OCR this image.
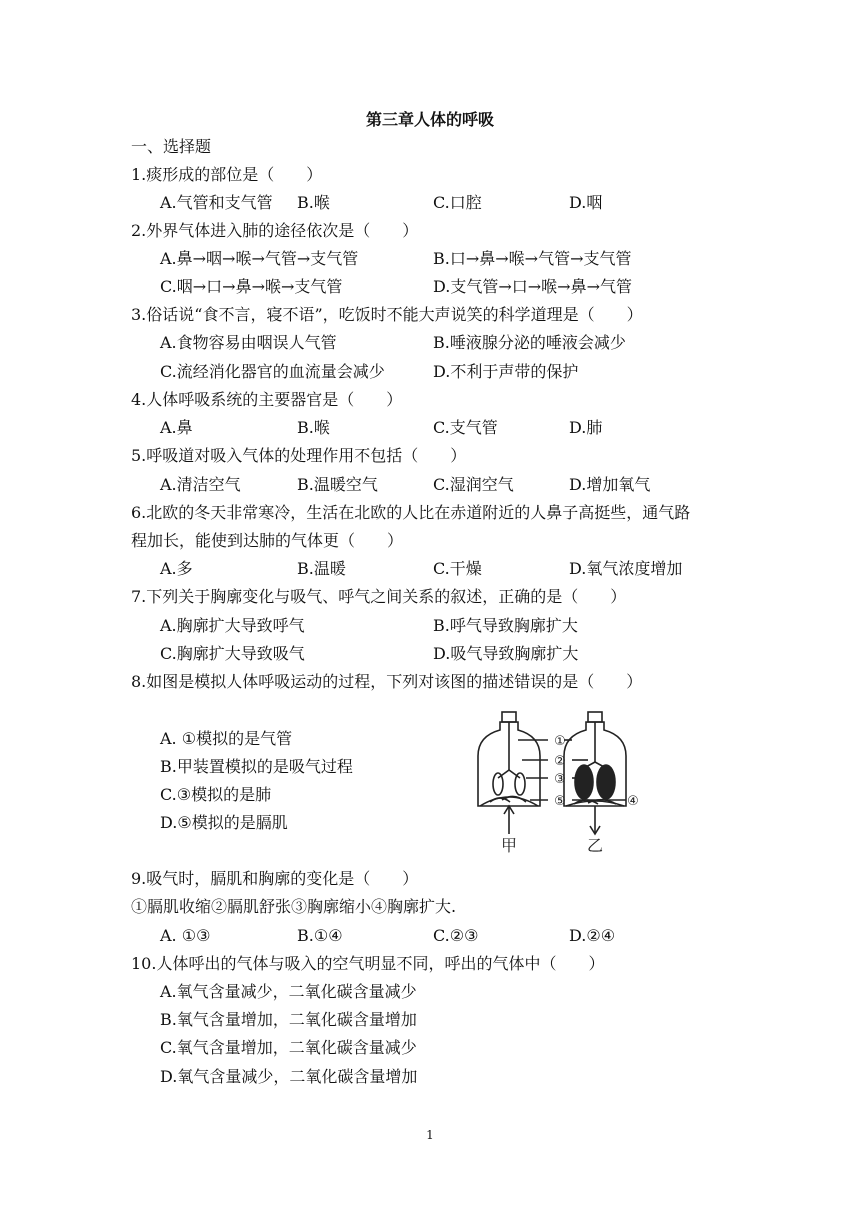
第三章人体的呼吸
一、选择题
1.痰形成的部位是（　　）
A.气管和支气管 B.喉	C.口腔	D.咽
2.外界气体进入肺的途径依次是（　　）
A.鼻→咽→喉→气管→支气管	B.口→鼻→喉→气管→支气管
C.咽→口→鼻→喉→支气管	D.支气管→口→喉→鼻→气管
3.俗话说“食不言，寝不语”，吃饭时不能大声说笑的科学道理是（　　）
A.食物容易由咽误人气管	B.唾液腺分泌的唾液会减少
C.流经消化器官的血流量会减少	D.不利于声带的保护
4.人体呼吸系统的主要器官是（　　）
A.鼻	B.喉	C.支气管	D.肺
5.呼吸道对吸入气体的处理作用不包括（　　）
A.清洁空气	B.温暖空气	C.湿润空气	D.增加氧气
6.北欧的冬天非常寒冷，生活在北欧的人比在赤道附近的人鼻子高挺些，通气路
程加长，能使到达肺的气体更（　　）
A.多	B.温暖	C.干燥	D.氧气浓度增加
7.下列关于胸廓变化与吸气、呼气之间关系的叙述，正确的是（　　）
A.胸廓扩大导致呼气	B.呼气导致胸廓扩大
C.胸廓扩大导致吸气	D.吸气导致胸廓扩大
8.如图是模拟人体呼吸运动的过程，下列对该图的描述错误的是（　　）
A. ①模拟的是气管
B.甲装置模拟的是吸气过程
C.③模拟的是肺
D.⑤模拟的是膈肌
①
②
③
⑤	④
甲	乙
9.吸气时，膈肌和胸廓的变化是（　　）
①膈肌收缩②膈肌舒张③胸廓缩小④胸廓扩大.
A. ①③	B.①④	C.②③	D.②④
10.人体呼出的气体与吸入的空气明显不同，呼出的气体中（　　）
A.氧气含量减少，二氧化碳含量减少
B.氧气含量增加，二氧化碳含量增加
C.氧气含量增加，二氧化碳含量减少
D.氧气含量减少，二氧化碳含量增加
1
